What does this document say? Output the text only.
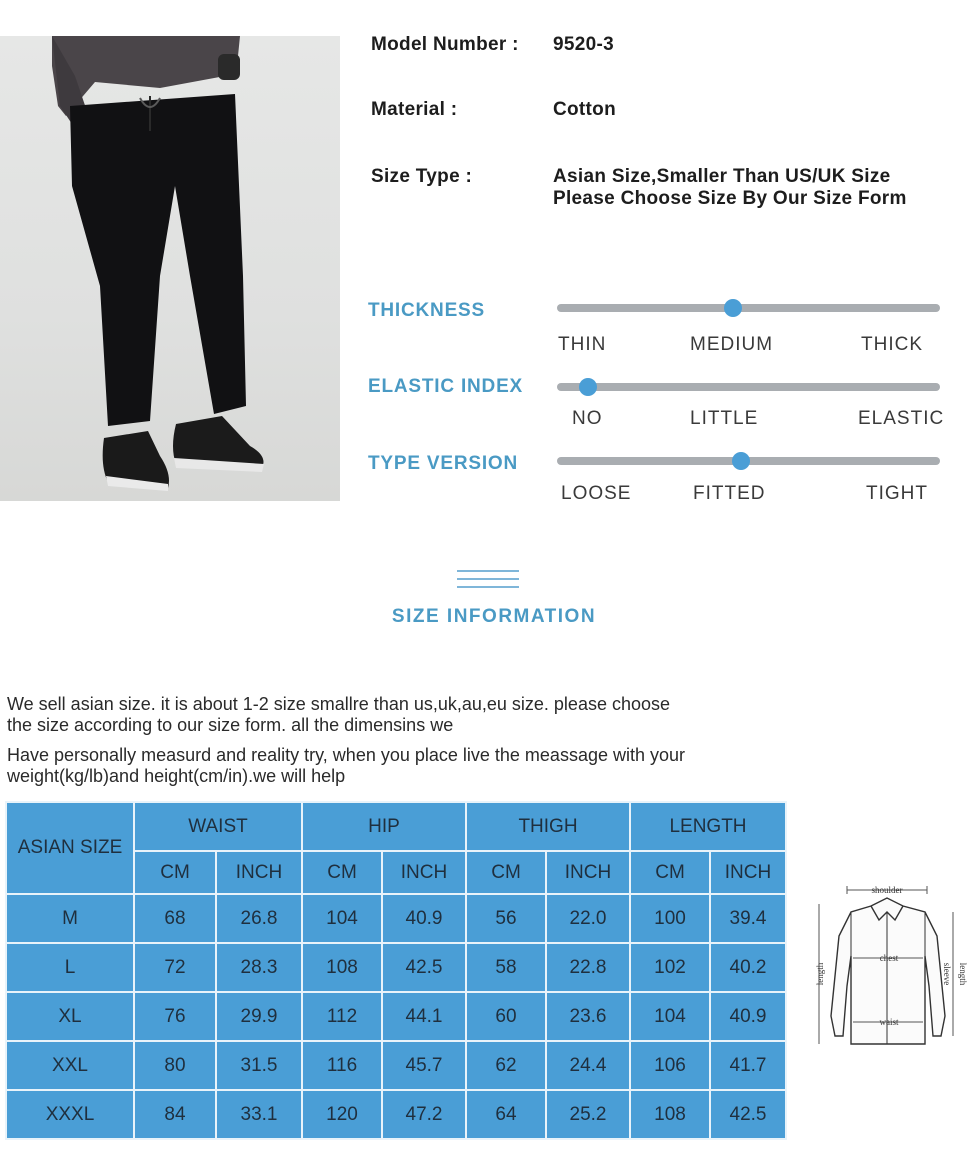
Model Number : 9520-3
Material :	Cotton
Size Type :	Asian Size,Smaller Than US/UK Size
Please Choose Size By Our Size Form
THICKNESS
THIN	MEDIUM	THICK
ELASTIC INDEX
NO	LITTLE	ELASTIC
TYPE VERSION
LOOSE	FITTED	TIGHT
SIZE INFORMATION
We sell asian size. it is about 1-2 size smallre than us,uk,au,eu size. please choose
the size according to our size form. all the dimensins we
Have personally measurd and reality try, when you place live the meassage with your
weight(kg/lb)and height(cm/in).we will help
ASIAN SIZE	WAIST		HIP		THIGH		LENGTH	
	CM	INCH	CM	INCH	CM	INCH	CM	INCH
M	68	26.8	104	40.9	56	22.0	100	39.4
L	72	28.3	108	42.5	58	22.8	102	40.2
XL	76	29.9	112	44.1	60	23.6	104	40.9
XXL	80	31.5	116	45.7	62	24.4	106	41.7
XXXL	84	33.1	120	47.2	64	25.2	108	42.5
shoulder
chest
waist
length	sleeve length
